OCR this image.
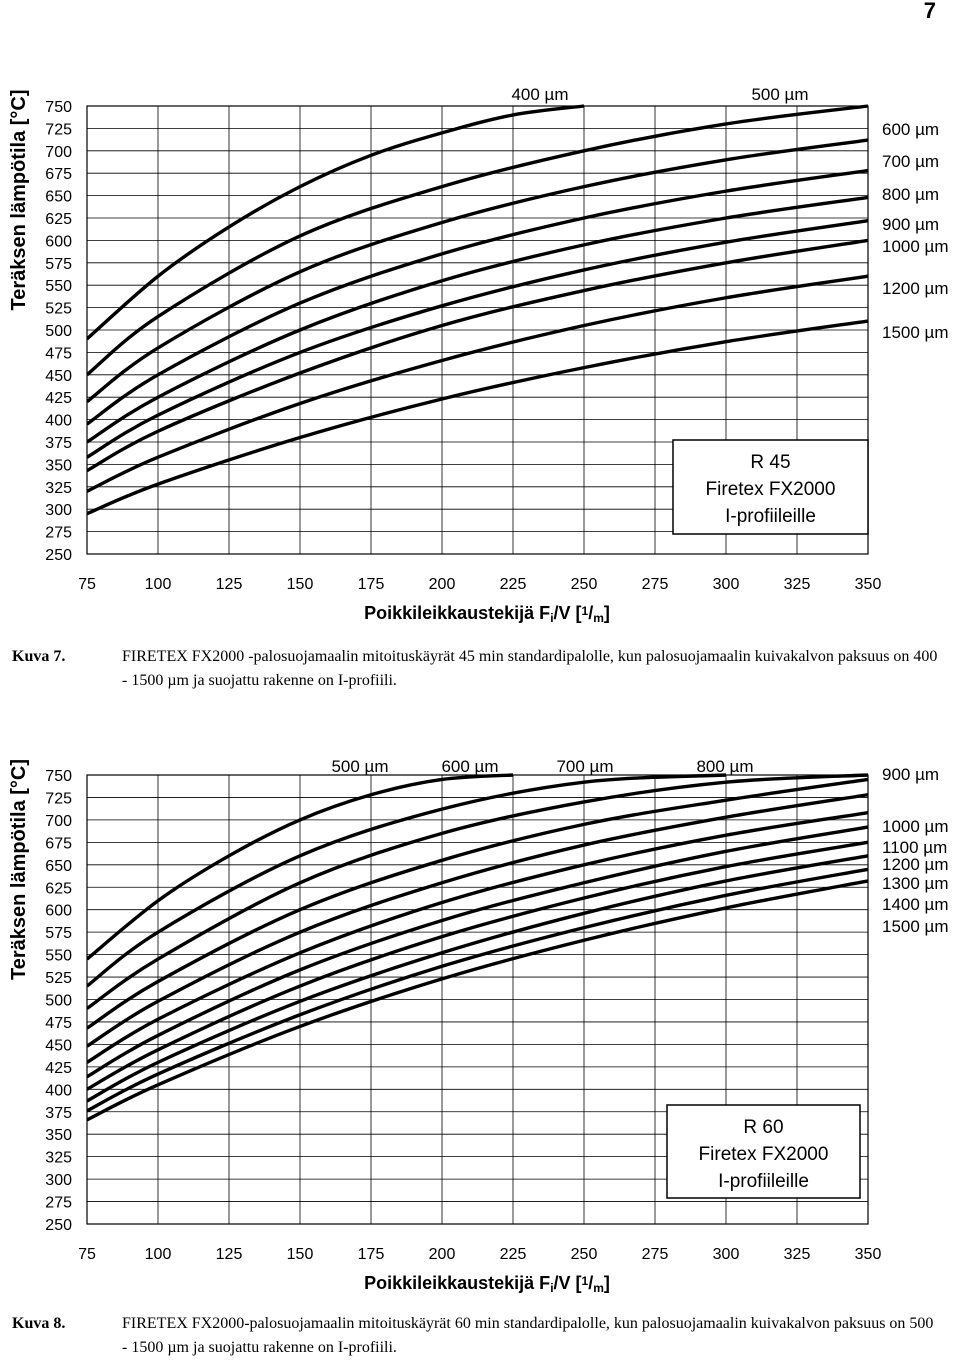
7
250
275
300
325
350
375
400
425
450
475
500
525
550
575
600
625
650
675
700
725
750
75	100	125	150	175	200	225	250	275	300	325	350
Teräksen lämpötila [°C]
Poikkileikkaustekijä Fi/V [1/m]
400 µm	500 µm
600 µm
700 µm
800 µm
900 µm
1000 µm
1200 µm
1500 µm
R 45
Firetex FX2000
I-profiileille
Kuva 7.	FIRETEX FX2000 -palosuojamaalin mitoituskäyrät 45 min standardipalolle, kun palosuojamaalin kuivakalvon paksuus on 400 - 1500 µm ja suojattu rakenne on I-profiili.
250
275
300
325
350
375
400
425
450
475
500
525
550
575
600
625
650
675
700
725
750
75	100	125	150	175	200	225	250	275	300	325	350
Teräksen lämpötila [°C]
Poikkileikkaustekijä Fi/V [1/m]
500 µm	600 µm	700 µm	800 µm	900 µm
1000 µm
1100 µm
1200 µm
1300 µm
1400 µm
1500 µm
R 60
Firetex FX2000
I-profiileille
Kuva 8.	FIRETEX FX2000-palosuojamaalin mitoituskäyrät 60 min standardipalolle, kun palosuojamaalin kuivakalvon paksuus on 500 - 1500 µm ja suojattu rakenne on I-profiili.
